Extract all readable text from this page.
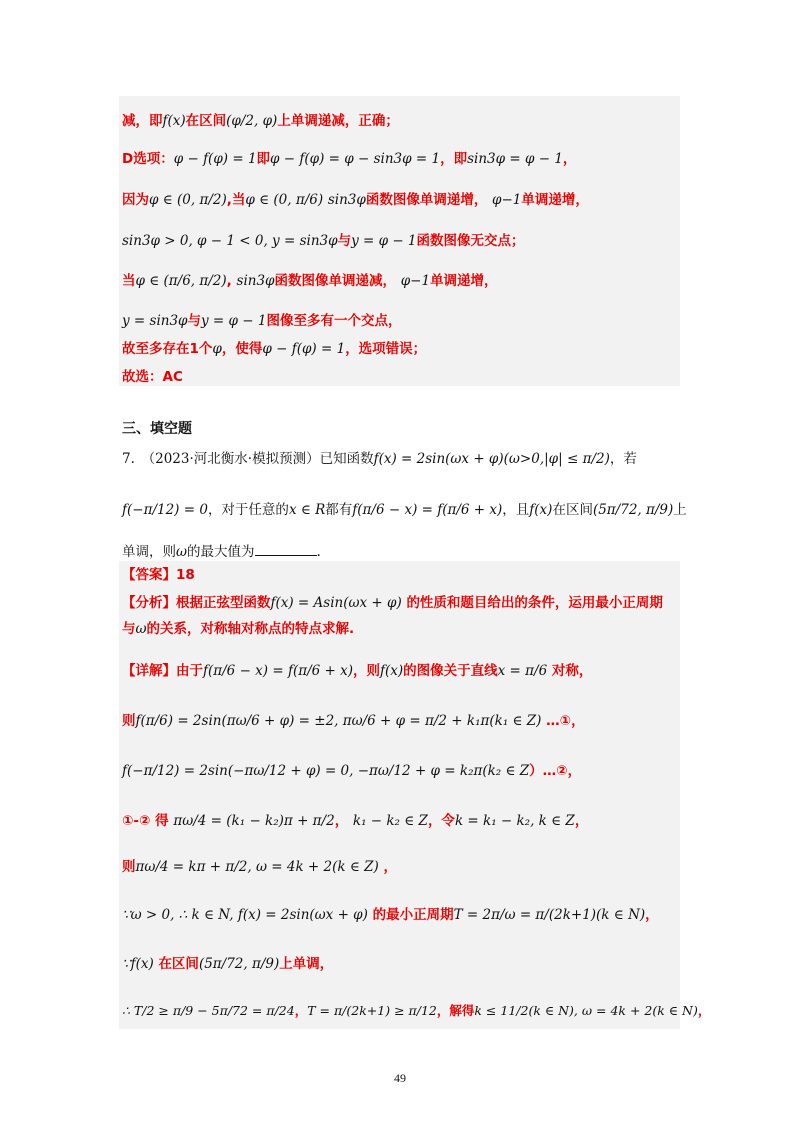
减，即f(x)在区间(φ/2, φ)上单调递减，正确；
D选项：φ − f(φ) = 1即φ − f(φ) = φ − sin3φ = 1，即sin3φ = φ − 1，
因为φ ∈ (0, π/2),当φ ∈ (0, π/6) sin3φ函数图像单调递增， φ−1单调递增，
sin3φ > 0, φ − 1 < 0, y = sin3φ与y = φ − 1函数图像无交点；
当φ ∈ (π/6, π/2), sin3φ函数图像单调递减， φ−1单调递增，
y = sin3φ与y = φ − 1图像至多有一个交点，
故至多存在1个φ，使得φ − f(φ) = 1，选项错误；
故选：AC
三、填空题
7.　（2023·河北衡水·模拟预测）已知函数f(x) = 2sin(ωx + φ)(ω>0,|φ| ≤ π/2)，若
f(−π/12) = 0，对于任意的x ∈ R都有f(π/6 − x) = f(π/6 + x)，且f(x)在区间(5π/72, π/9)上
单调，则ω的最大值为	.
【答案】18
【分析】根据正弦型函数f(x) = Asin(ωx + φ) 的性质和题目给出的条件，运用最小正周期
与ω的关系，对称轴对称点的特点求解.
【详解】由于f(π/6 − x) = f(π/6 + x)，则f(x)的图像关于直线x = π/6 对称，
则f(π/6) = 2sin(πω/6 + φ) = ±2, πω/6 + φ = π/2 + k₁π(k₁ ∈ Z) …①，
f(−π/12) = 2sin(−πω/12 + φ) = 0, −πω/12 + φ = k₂π(k₂ ∈ Z）…②，
①-② 得 πω/4 = (k₁ − k₂)π + π/2， k₁ − k₂ ∈ Z，令k = k₁ − k₂, k ∈ Z，
则πω/4 = kπ + π/2, ω = 4k + 2(k ∈ Z) ，
∵ω > 0, ∴ k ∈ N, f(x) = 2sin(ωx + φ) 的最小正周期T = 2π/ω = π/(2k+1)(k ∈ N)，
∵f(x) 在区间(5π/72, π/9)上单调，
∴ T/2 ≥ π/9 − 5π/72 = π/24，T = π/(2k+1) ≥ π/12，解得k ≤ 11/2(k ∈ N), ω = 4k + 2(k ∈ N)，
49
